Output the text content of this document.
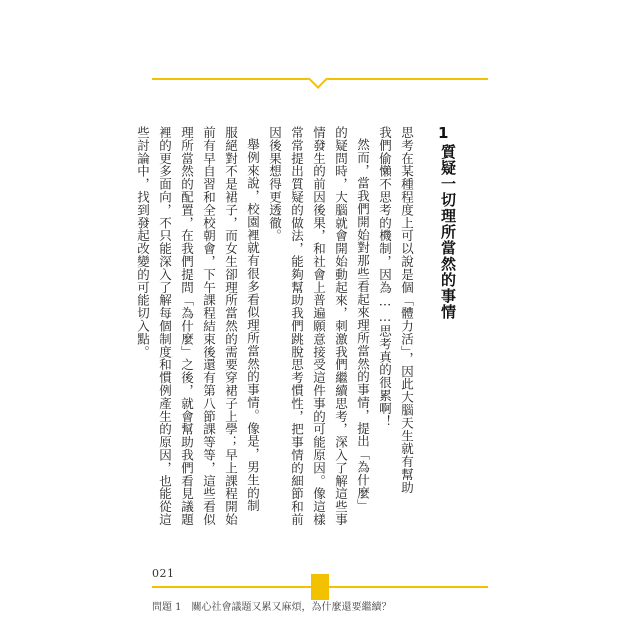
1
質疑一切理所當然的事情
思考在某種程度上可以說是個「體力活」，因此大腦天生就有幫助
我們偷懶不思考的機制，因為……思考真的很累啊！
然而，當我們開始對那些看起來理所當然的事情，提出「為什麼」
的疑問時，大腦就會開始動起來，刺激我們繼續思考，深入了解這些事
情發生的前因後果，和社會上普遍願意接受這件事的可能原因。像這樣
常常提出質疑的做法，能夠幫助我們跳脫思考慣性，把事情的細節和前
因後果想得更透徹。
舉例來說，校園裡就有很多看似理所當然的事情。像是，男生的制
服絕對不是裙子，而女生卻理所當然的需要穿裙子上學；早上課程開始
前有早自習和全校朝會，下午課程結束後還有第八節課等等，這些看似
理所當然的配置，在我們提問「為什麼」之後，就會幫助我們看見議題
裡的更多面向，不只能深入了解每個制度和慣例產生的原因，也能從這
些討論中，找到發起改變的可能切入點。
021
問題 1　關心社會議題又累又麻煩，為什麼還要繼續？
